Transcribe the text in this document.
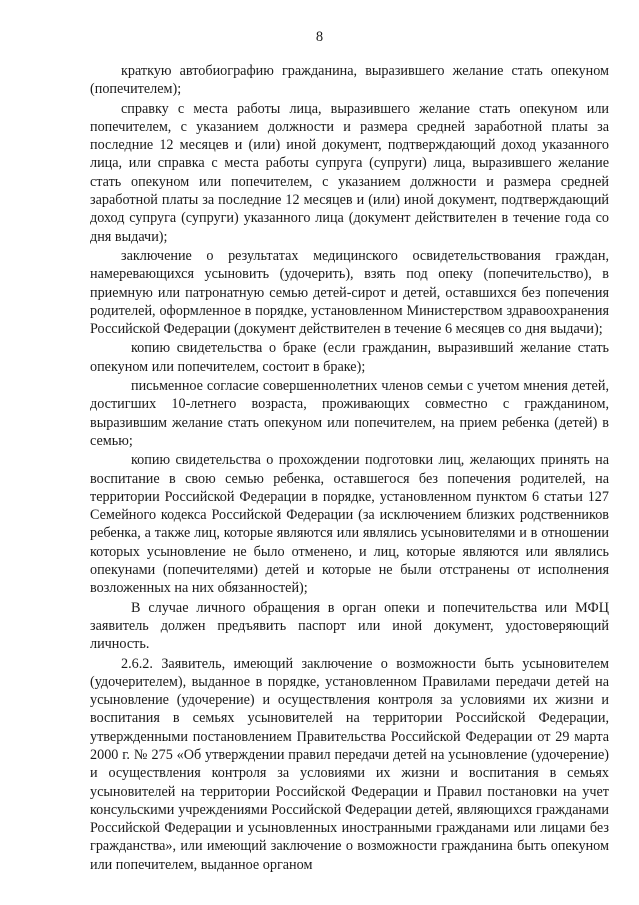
8

краткую автобиографию гражданина, выразившего желание стать опекуном (попечителем);

справку с места работы лица, выразившего желание стать опекуном или попечителем, с указанием должности и размера средней заработной платы за последние 12 месяцев и (или) иной документ, подтверждающий доход указанного лица, или справка с места работы супруга (супруги) лица, выразившего желание стать опекуном или попечителем, с указанием должности и размера средней заработной платы за последние 12 месяцев и (или) иной документ, подтверждающий доход супруга (супруги) указанного лица (документ действителен в течение года со дня выдачи);

заключение о результатах медицинского освидетельствования граждан, намеревающихся усыновить (удочерить), взять под опеку (попечительство), в приемную или патронатную семью детей-сирот и детей, оставшихся без попечения родителей, оформленное в порядке, установленном Министерством здравоохранения Российской Федерации (документ действителен в течение 6 месяцев со дня выдачи);

копию свидетельства о браке (если гражданин, выразивший желание стать опекуном или попечителем, состоит в браке);

письменное согласие совершеннолетних членов семьи с учетом мнения детей, достигших 10-летнего возраста, проживающих совместно с гражданином, выразившим желание стать опекуном или попечителем, на прием ребенка (детей) в семью;

копию свидетельства о прохождении подготовки лиц, желающих принять на воспитание в свою семью ребенка, оставшегося без попечения родителей, на территории Российской Федерации в порядке, установленном пунктом 6 статьи 127 Семейного кодекса Российской Федерации (за исключением близких родственников ребенка, а также лиц, которые являются или являлись усыновителями и в отношении которых усыновление не было отменено, и лиц, которые являются или являлись опекунами (попечителями) детей и которые не были отстранены от исполнения возложенных на них обязанностей);

В случае личного обращения в орган опеки и попечительства или МФЦ заявитель должен предъявить паспорт или иной документ, удостоверяющий личность.

2.6.2. Заявитель, имеющий заключение о возможности быть усыновителем (удочерителем), выданное в порядке, установленном Правилами передачи детей на усыновление (удочерение) и осуществления контроля за условиями их жизни и воспитания в семьях усыновителей на территории Российской Федерации, утвержденными постановлением Правительства Российской Федерации от 29 марта 2000 г. № 275 «Об утверждении правил передачи детей на усыновление (удочерение) и осуществления контроля за условиями их жизни и воспитания в семьях усыновителей на территории Российской Федерации и Правил постановки на учет консульскими учреждениями Российской Федерации детей, являющихся гражданами Российской Федерации и усыновленных иностранными гражданами или лицами без гражданства», или имеющий заключение о возможности гражданина быть опекуном или попечителем, выданное органом
